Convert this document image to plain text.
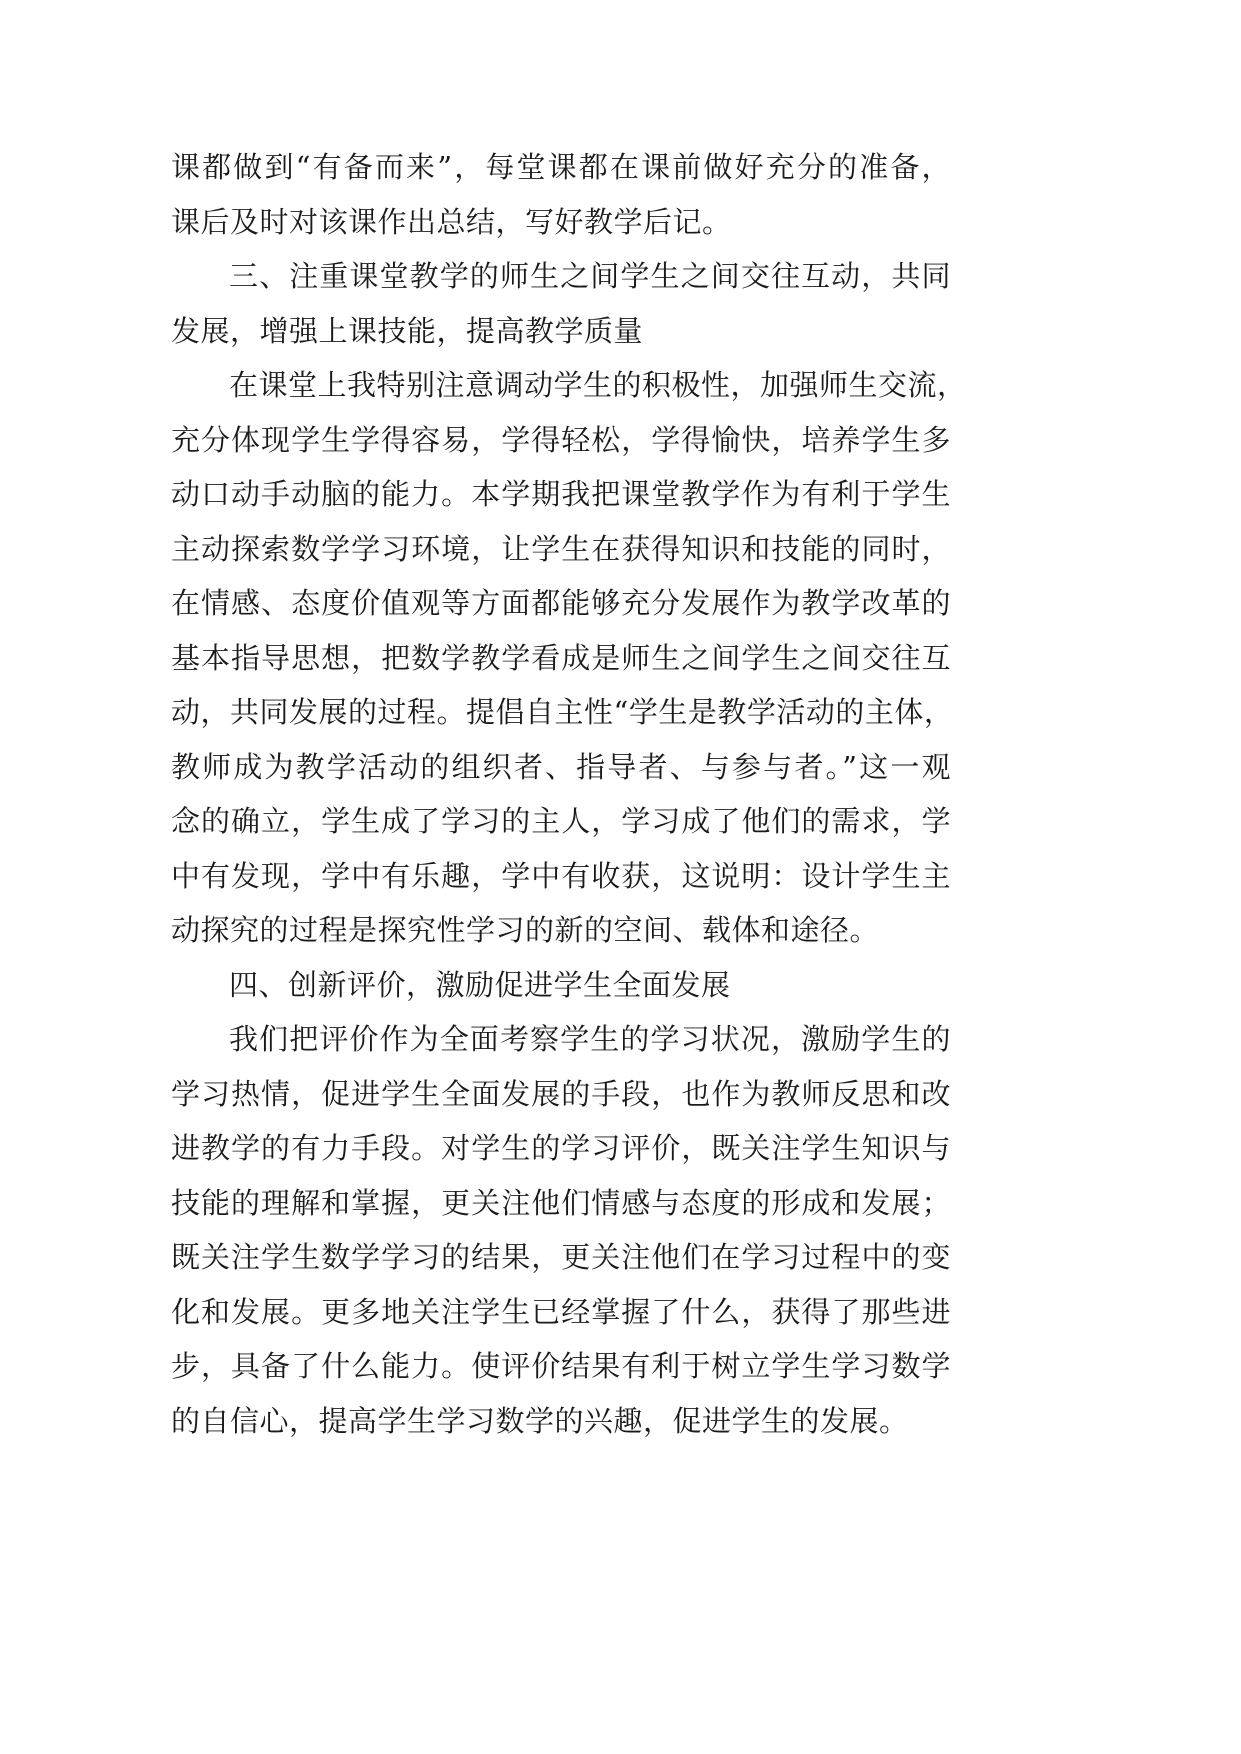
课都做到“有备而来”，每堂课都在课前做好充分的准备，
课后及时对该课作出总结，写好教学后记。
三、注重课堂教学的师生之间学生之间交往互动，共同
发展，增强上课技能，提高教学质量
在课堂上我特别注意调动学生的积极性，加强师生交流，
充分体现学生学得容易，学得轻松，学得愉快，培养学生多
动口动手动脑的能力。本学期我把课堂教学作为有利于学生
主动探索数学学习环境，让学生在获得知识和技能的同时，
在情感、态度价值观等方面都能够充分发展作为教学改革的
基本指导思想，把数学教学看成是师生之间学生之间交往互
动，共同发展的过程。提倡自主性“学生是教学活动的主体，
教师成为教学活动的组织者、指导者、与参与者。”这一观
念的确立，学生成了学习的主人，学习成了他们的需求，学
中有发现，学中有乐趣，学中有收获，这说明：设计学生主
动探究的过程是探究性学习的新的空间、载体和途径。
四、创新评价，激励促进学生全面发展
我们把评价作为全面考察学生的学习状况，激励学生的
学习热情，促进学生全面发展的手段，也作为教师反思和改
进教学的有力手段。对学生的学习评价，既关注学生知识与
技能的理解和掌握，更关注他们情感与态度的形成和发展；
既关注学生数学学习的结果，更关注他们在学习过程中的变
化和发展。更多地关注学生已经掌握了什么，获得了那些进
步，具备了什么能力。使评价结果有利于树立学生学习数学
的自信心，提高学生学习数学的兴趣，促进学生的发展。
